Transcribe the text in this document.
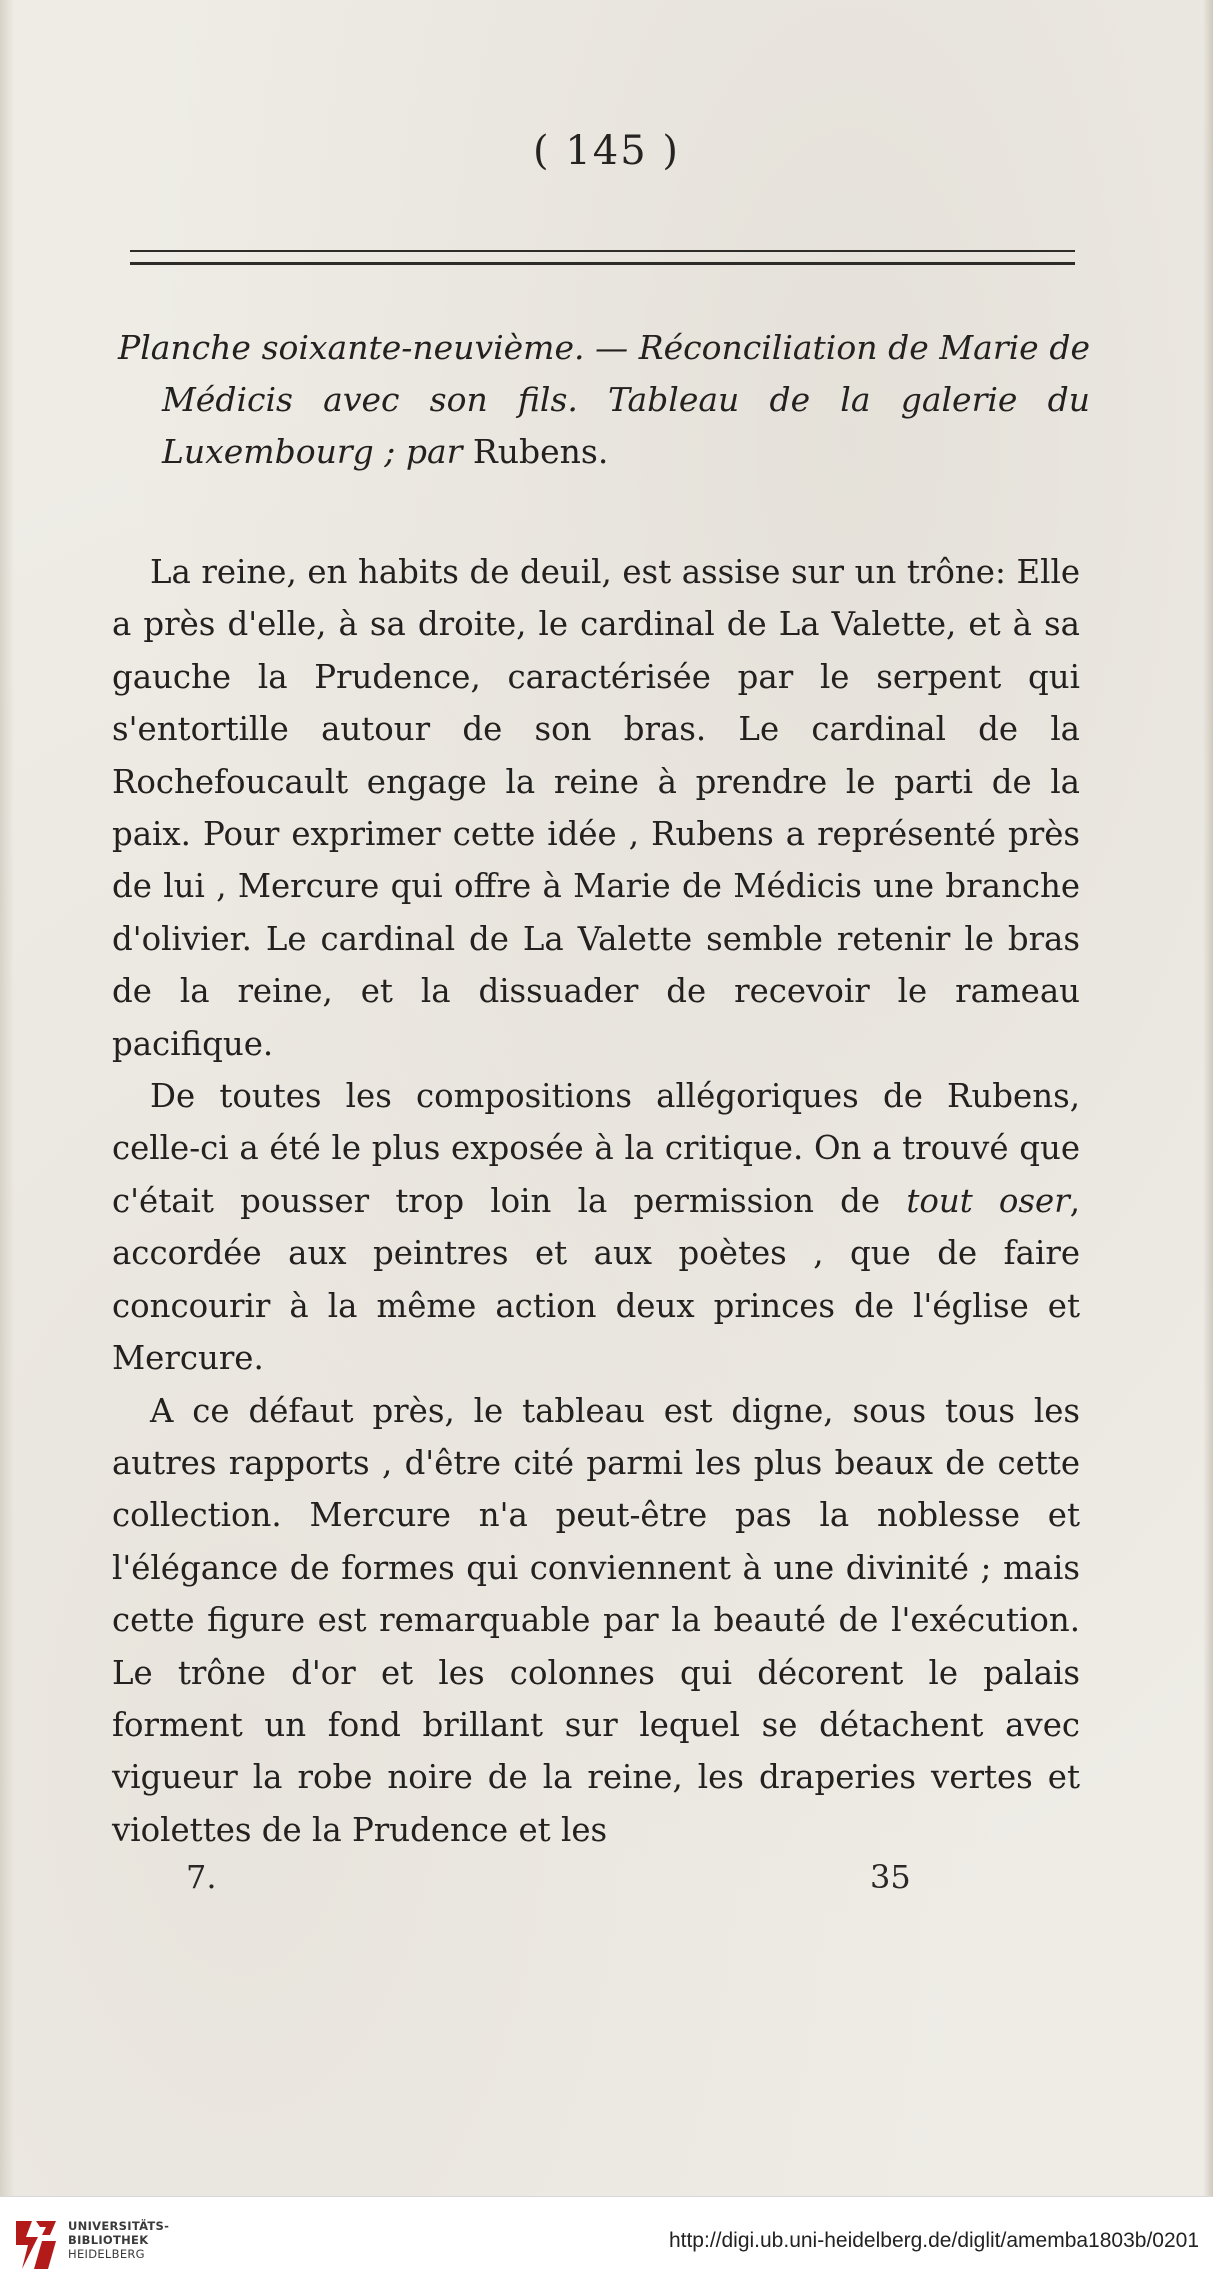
( 145 )
Planche soixante-neuvième. — Réconciliation de Marie de Médicis avec son fils. Tableau de la galerie du Luxembourg ; par Rubens.

La reine, en habits de deuil, est assise sur un trône: Elle a près d'elle, à sa droite, le cardinal de La Valette, et à sa gauche la Prudence, caractérisée par le serpent qui s'entortille autour de son bras. Le cardinal de la Rochefoucault engage la reine à prendre le parti de la paix. Pour exprimer cette idée , Rubens a représenté près de lui , Mercure qui offre à Marie de Médicis une branche d'olivier. Le cardinal de La Valette semble retenir le bras de la reine, et la dissuader de recevoir le rameau pacifique.

De toutes les compositions allégoriques de Rubens, celle-ci a été le plus exposée à la critique. On a trouvé que c'était pousser trop loin la permission de tout oser, accordée aux peintres et aux poètes , que de faire concourir à la même action deux princes de l'église et Mercure.

A ce défaut près, le tableau est digne, sous tous les autres rapports , d'être cité parmi les plus beaux de cette collection. Mercure n'a peut-être pas la noblesse et l'élégance de formes qui conviennent à une divinité ; mais cette figure est remarquable par la beauté de l'exécution. Le trône d'or et les colonnes qui décorent le palais forment un fond brillant sur lequel se détachent avec vigueur la robe noire de la reine, les draperies vertes et violettes de la Prudence et les

7.	35
UNIVERSITÄTS-
BIBLIOTHEK
HEIDELBERG
http://digi.ub.uni-heidelberg.de/diglit/amemba1803b/0201
